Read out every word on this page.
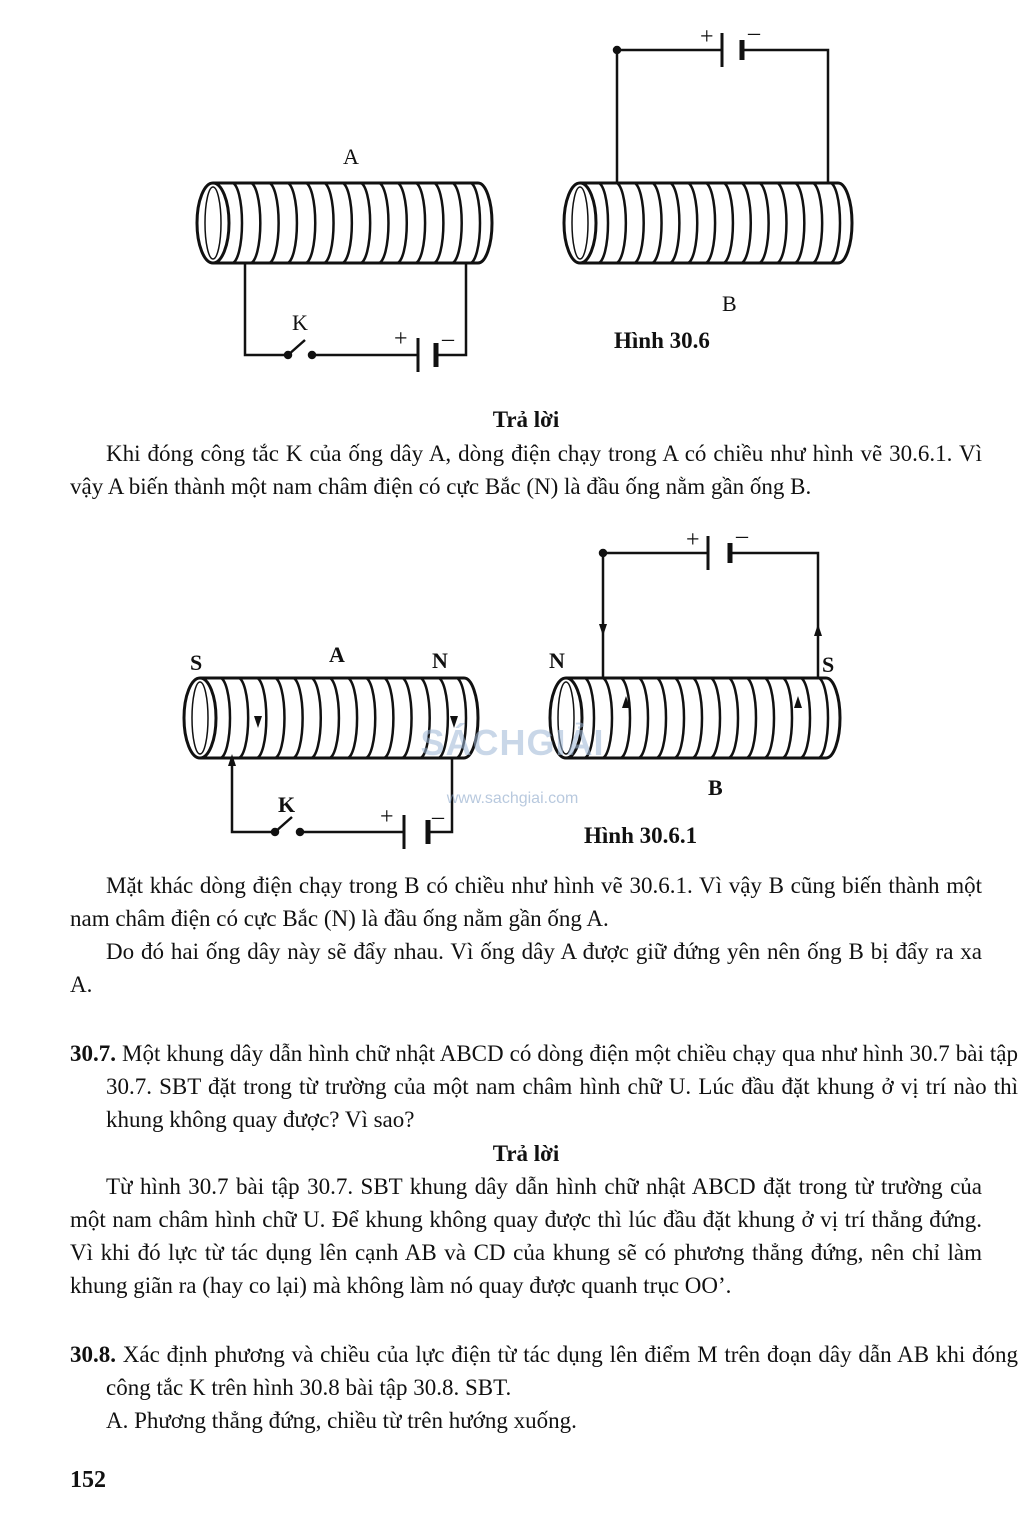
A
B
K
+ –
+ –
Hình 30.6

Trả lời

Khi đóng công tắc K của ống dây A, dòng điện chạy trong A có chiều như hình vẽ 30.6.1. Vì vậy A biến thành một nam châm điện có cực Bắc (N) là đầu ống nằm gần ống B.

S	A	N	N	S
B
K	+ –
+ –
Hình 30.6.1
SÁCHGIẢI
www.sachgiai.com

Mặt khác dòng điện chạy trong B có chiều như hình vẽ 30.6.1. Vì vậy B cũng biến thành một nam châm điện có cực Bắc (N) là đầu ống nằm gần ống A.

Do đó hai ống dây này sẽ đẩy nhau. Vì ống dây A được giữ đứng yên nên ống B bị đẩy ra xa A.

30.7. Một khung dây dẫn hình chữ nhật ABCD có dòng điện một chiều chạy qua như hình 30.7 bài tập 30.7. SBT đặt trong từ trường của một nam châm hình chữ U. Lúc đầu đặt khung ở vị trí nào thì khung không quay được? Vì sao?

Trả lời

Từ hình 30.7 bài tập 30.7. SBT khung dây dẫn hình chữ nhật ABCD đặt trong từ trường của một nam châm hình chữ U. Để khung không quay được thì lúc đầu đặt khung ở vị trí thẳng đứng. Vì khi đó lực từ tác dụng lên cạnh AB và CD của khung sẽ có phương thẳng đứng, nên chỉ làm khung giãn ra (hay co lại) mà không làm nó quay được quanh trục OO’.

30.8. Xác định phương và chiều của lực điện từ tác dụng lên điểm M trên đoạn dây dẫn AB khi đóng công tắc K trên hình 30.8 bài tập 30.8. SBT.

A. Phương thẳng đứng, chiều từ trên hướng xuống.

152
